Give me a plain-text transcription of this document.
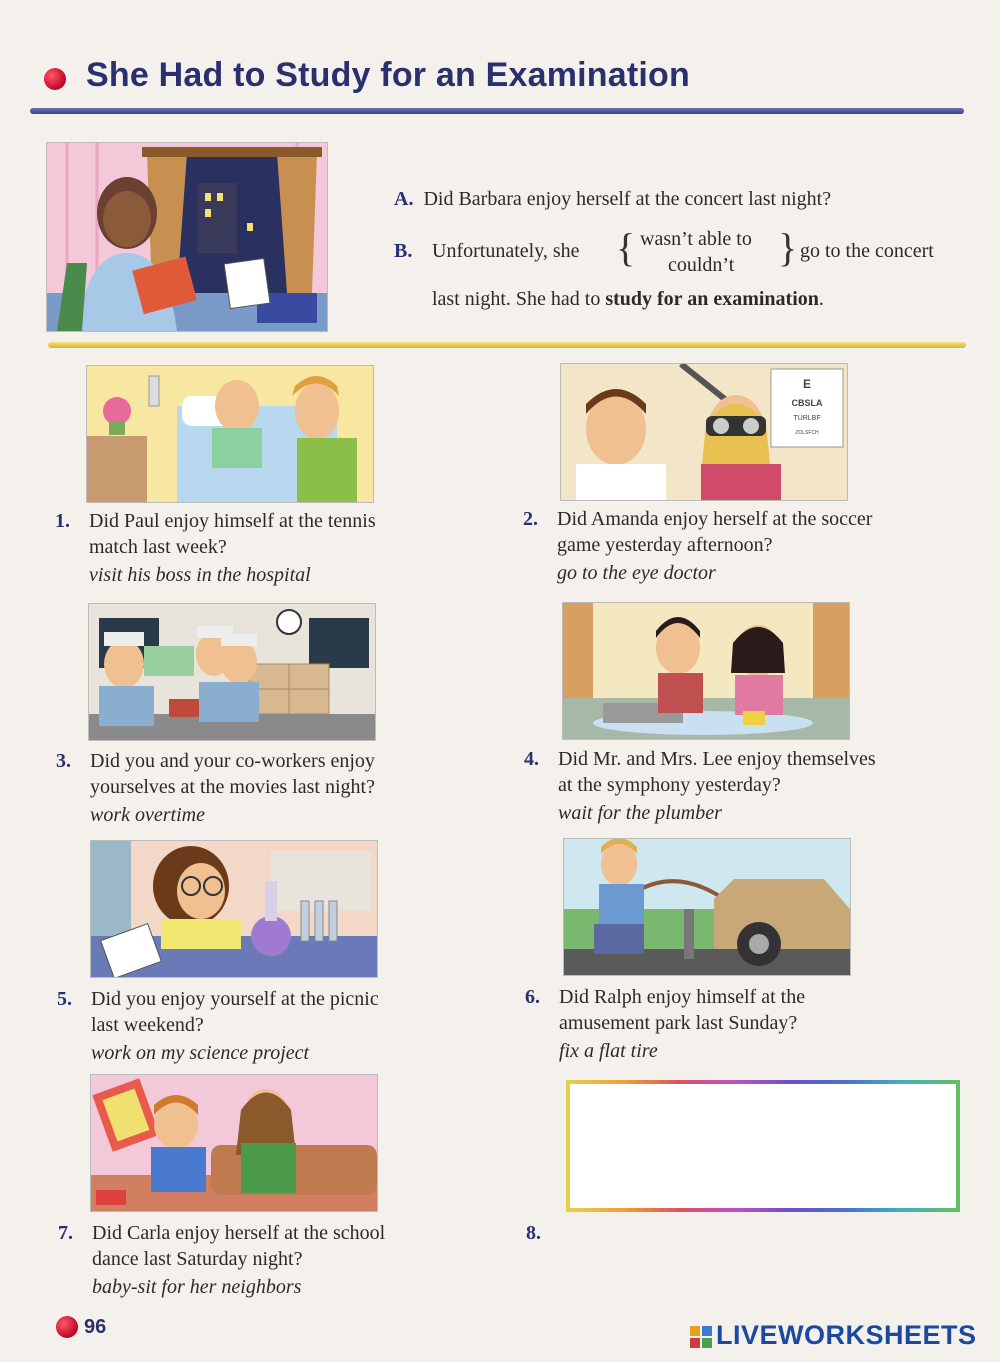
She Had to Study for an Examination
A. Did Barbara enjoy herself at the concert last night?
B. Unfortunately, she { wasn’t able to
couldn’t } go to the concert
last night. She had to study for an examination.
E
CBSLA
TURLBF
ZOLSFCH
1. Did Paul enjoy himself at the tennis
match last week?
visit his boss in the hospital
2. Did Amanda enjoy herself at the soccer
game yesterday afternoon?
go to the eye doctor
3. Did you and your co-workers enjoy
yourselves at the movies last night?
work overtime
4. Did Mr. and Mrs. Lee enjoy themselves
at the symphony yesterday?
wait for the plumber
5. Did you enjoy yourself at the picnic
last weekend?
work on my science project
6. Did Ralph enjoy himself at the
amusement park last Sunday?
fix a flat tire
7. Did Carla enjoy herself at the school
dance last Saturday night?
baby-sit for her neighbors
8.
96	LIVEWORKSHEETS
